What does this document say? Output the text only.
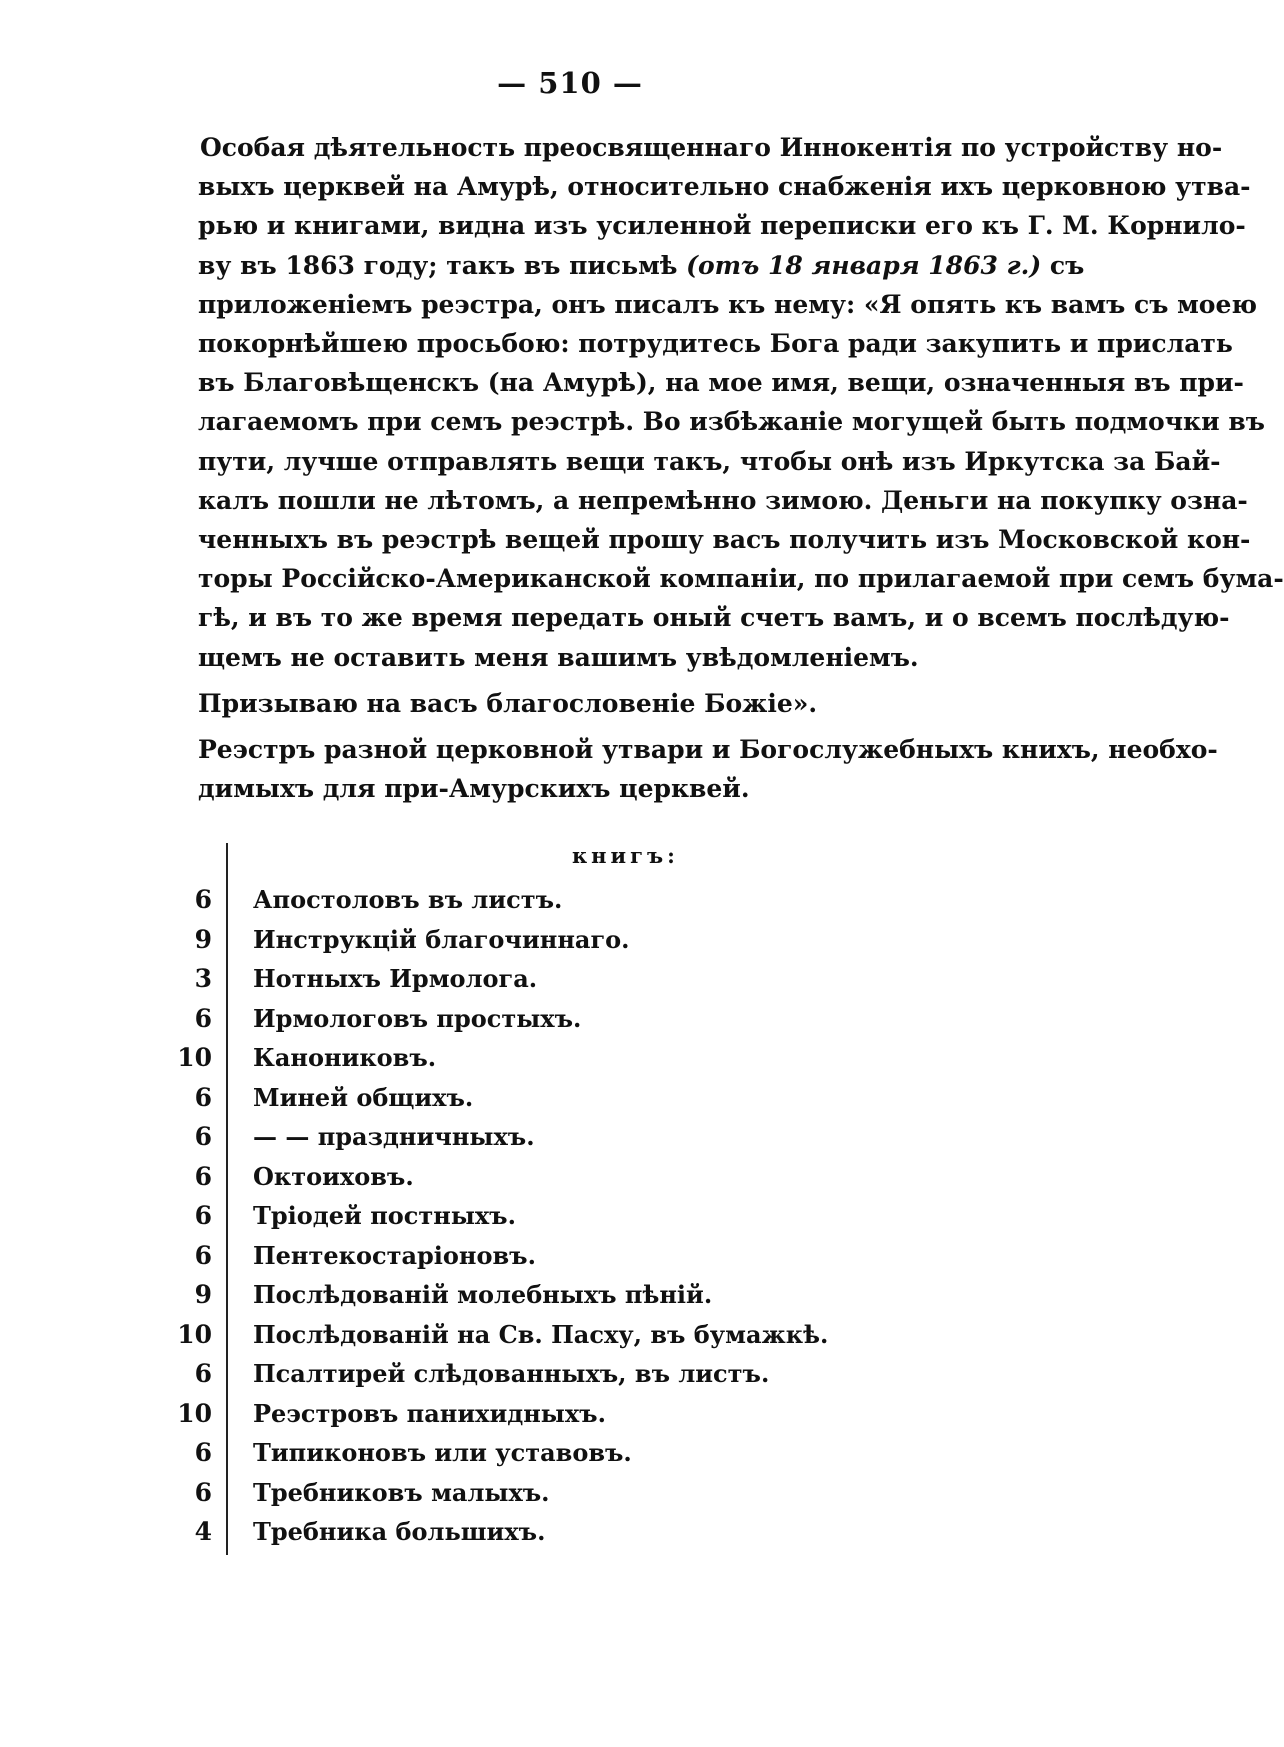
— 510 —
Особая дѣятельность преосвященнаго Иннокентія по устройству но-
выхъ церквей на Амурѣ, относительно снабженія ихъ церковною утва-
рью и книгами, видна изъ усиленной переписки его къ Г. М. Корнило-
ву въ 1863 году; такъ въ письмѣ (отъ 18 января 1863 г.) съ
приложеніемъ реэстра, онъ писалъ къ нему: «Я опять къ вамъ съ моею
покорнѣйшею просьбою: потрудитесь Бога ради закупить и прислать
въ Благовѣщенскъ (на Амурѣ), на мое имя, вещи, означенныя въ при-
лагаемомъ при семъ реэстрѣ. Во избѣжаніе могущей быть подмочки въ
пути, лучше отправлять вещи такъ, чтобы онѣ изъ Иркутска за Бай-
калъ пошли не лѣтомъ, а непремѣнно зимою. Деньги на покупку озна-
ченныхъ въ реэстрѣ вещей прошу васъ получить изъ Московской кон-
торы Россійско-Американской компаніи, по прилагаемой при семъ бума-
гѣ, и въ то же время передать оный счетъ вамъ, и о всемъ послѣдую-
щемъ не оставить меня вашимъ увѣдомленіемъ.
Призываю на васъ благословеніе Божіе».
Реэстръ разной церковной утвари и Богослужебныхъ книхъ, необхо-
димыхъ для при-Амурскихъ церквей.
книгъ:
6 Апостоловъ въ листъ.
9 Инструкцій благочиннаго.
3 Нотныхъ Ирмолога.
6 Ирмологовъ простыхъ.
10 Канониковъ.
6 Миней общихъ.
6 — — праздничныхъ.
6 Октоиховъ.
6 Тріодей постныхъ.
6 Пентекостаріоновъ.
9 Послѣдованій молебныхъ пѣній.
10 Послѣдованій на Св. Пасху, въ бумажкѣ.
6 Псалтирей слѣдованныхъ, въ листъ.
10 Реэстровъ панихидныхъ.
6 Типиконовъ или уставовъ.
6 Требниковъ малыхъ.
4 Требника большихъ.
